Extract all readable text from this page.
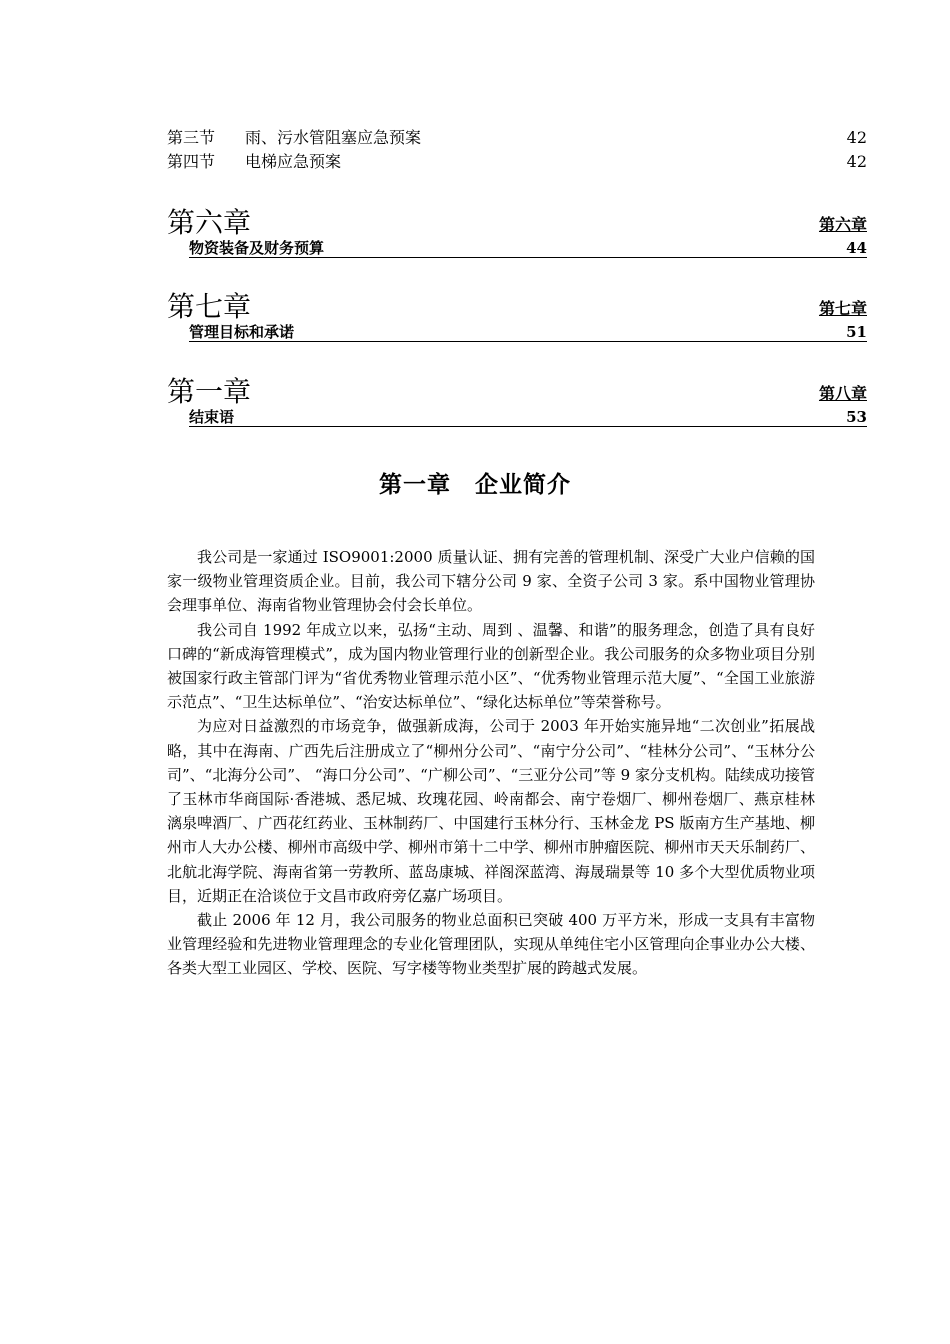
第三节 雨、污水管阻塞应急预案	42
第四节 电梯应急预案	42
第六章	第六章
物资装备及财务预算	44
第七章	第七章
管理目标和承诺	51
第一章	第八章
结束语	53
第一章　企业简介

我公司是一家通过 ISO9001:2000 质量认证、拥有完善的管理机制、深受广大业户信赖的国家一级物业管理资质企业。目前，我公司下辖分公司 9 家、全资子公司 3 家。系中国物业管理协会理事单位、海南省物业管理协会付会长单位。

我公司自 1992 年成立以来，弘扬“主动、周到 、温馨、和谐”的服务理念，创造了具有良好口碑的“新成海管理模式”，成为国内物业管理行业的创新型企业。我公司服务的众多物业项目分别被国家行政主管部门评为“省优秀物业管理示范小区”、“优秀物业管理示范大厦”、“全国工业旅游示范点”、“卫生达标单位”、“治安达标单位”、“绿化达标单位”等荣誉称号。

为应对日益激烈的市场竞争，做强新成海，公司于 2003 年开始实施异地“二次创业”拓展战略，其中在海南、广西先后注册成立了“柳州分公司”、“南宁分公司”、“桂林分公司”、“玉林分公司”、“北海分公司”、 “海口分公司”、“广柳公司”、“三亚分公司”等 9 家分支机构。陆续成功接管了玉林市华商国际·香港城、悉尼城、玫瑰花园、岭南都会、南宁卷烟厂、柳州卷烟厂、燕京桂林漓泉啤酒厂、广西花红药业、玉林制药厂、中国建行玉林分行、玉林金龙 PS 版南方生产基地、柳州市人大办公楼、柳州市高级中学、柳州市第十二中学、柳州市肿瘤医院、柳州市天天乐制药厂、北航北海学院、海南省第一劳教所、蓝岛康城、祥阁深蓝湾、海晟瑞景等 10 多个大型优质物业项目，近期正在洽谈位于文昌市政府旁亿嘉广场项目。

截止 2006 年 12 月，我公司服务的物业总面积已突破 400 万平方米，形成一支具有丰富物业管理经验和先进物业管理理念的专业化管理团队，实现从单纯住宅小区管理向企事业办公大楼、各类大型工业园区、学校、医院、写字楼等物业类型扩展的跨越式发展。
